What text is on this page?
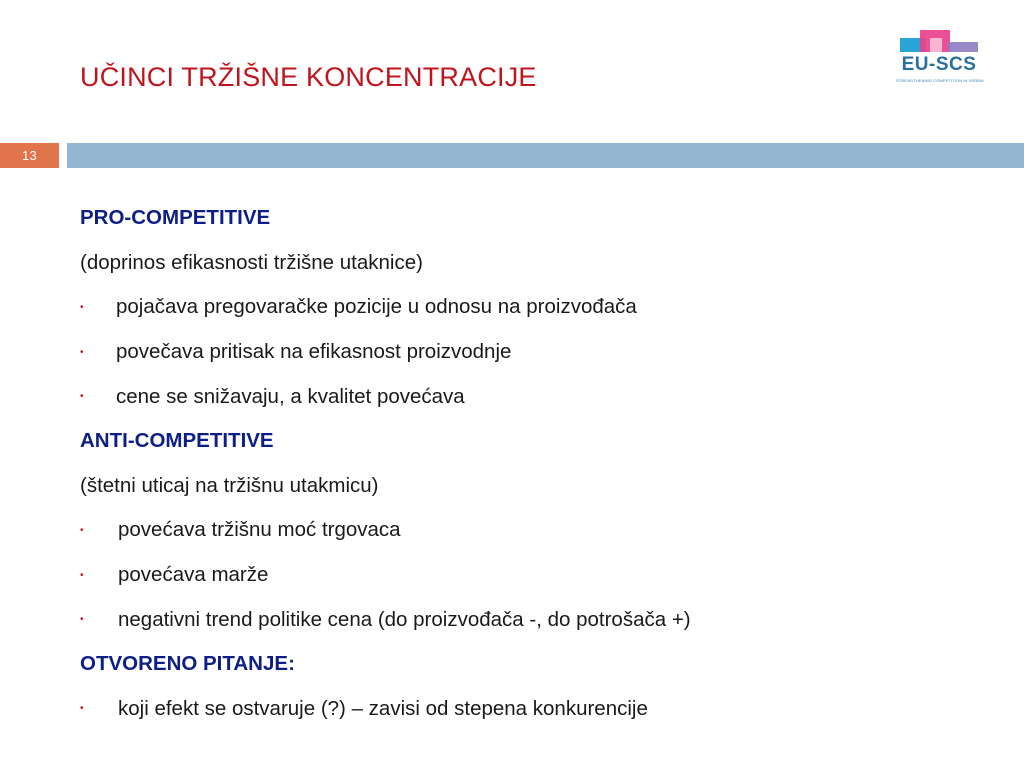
UČINCI TRŽIŠNE KONCENTRACIJE	EU-SCS
STRENGTHENING COMPETITION IN SERBIA
13
PRO-COMPETITIVE
(doprinos efikasnosti tržišne utaknice)
•	pojačava pregovaračke pozicije u odnosu na proizvođača
•	povečava pritisak na efikasnost proizvodnje
•	cene se snižavaju, a kvalitet povećava
ANTI-COMPETITIVE
(štetni uticaj na tržišnu utakmicu)
•	povećava tržišnu moć trgovaca
•	povećava marže
•	negativni trend politike cena (do proizvođača -, do potrošača +)
OTVORENO PITANJE:
•	koji efekt se ostvaruje (?) – zavisi od stepena konkurencije
